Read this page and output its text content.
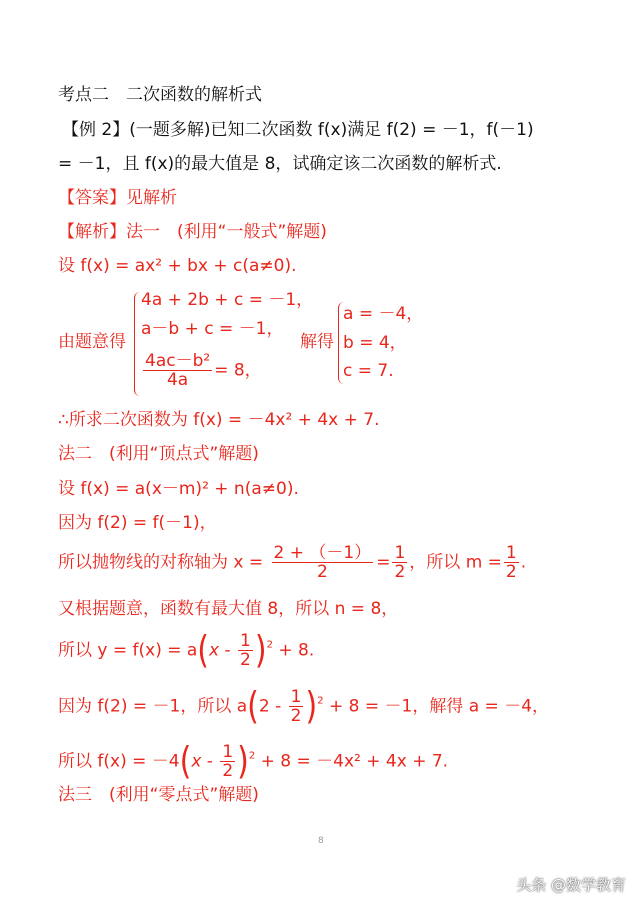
考点二　二次函数的解析式
【例 2】(一题多解)已知二次函数 f(x)满足 f(2) = －1，f(－1)
= －1，且 f(x)的最大值是 8，试确定该二次函数的解析式.
【答案】见解析
【解析】法一　(利用“一般式”解题)
设 f(x) = ax² + bx + c(a≠0).
由题意得
4a + 2b + c = －1，
a－b + c = －1，
$\frac{\text{4ac－b²}}{4a} = 8$，
解得
a = －4，
b = 4，
c = 7.
∴所求二次函数为 f(x) = －4x² + 4x + 7.
法二　(利用“顶点式”解题)
设 f(x) = a(x－m)² + n(a≠0).
因为 f(2) = f(－1)，
所以抛物线的对称轴为 $x = \frac{2 + (-1)}{2} = \frac{1}{2}$ ，所以 $m = \frac{1}{2}$ .
又根据题意，函数有最大值 8，所以 n = 8，
所以 $y = f(x) = a(x - \frac{1}{2} )^2 + 8$.
因为 f(2) = －1，所以 $a(2 - \frac{1}{2} )^2 + 8 = -1$，解得 a = －4，
所以 $f(x) = -4(x - \frac{1}{2} )^2 + 8 = -4x^2 + 4x + 7$.
法三　(利用“零点式”解题)
8
头条 @数学教育
